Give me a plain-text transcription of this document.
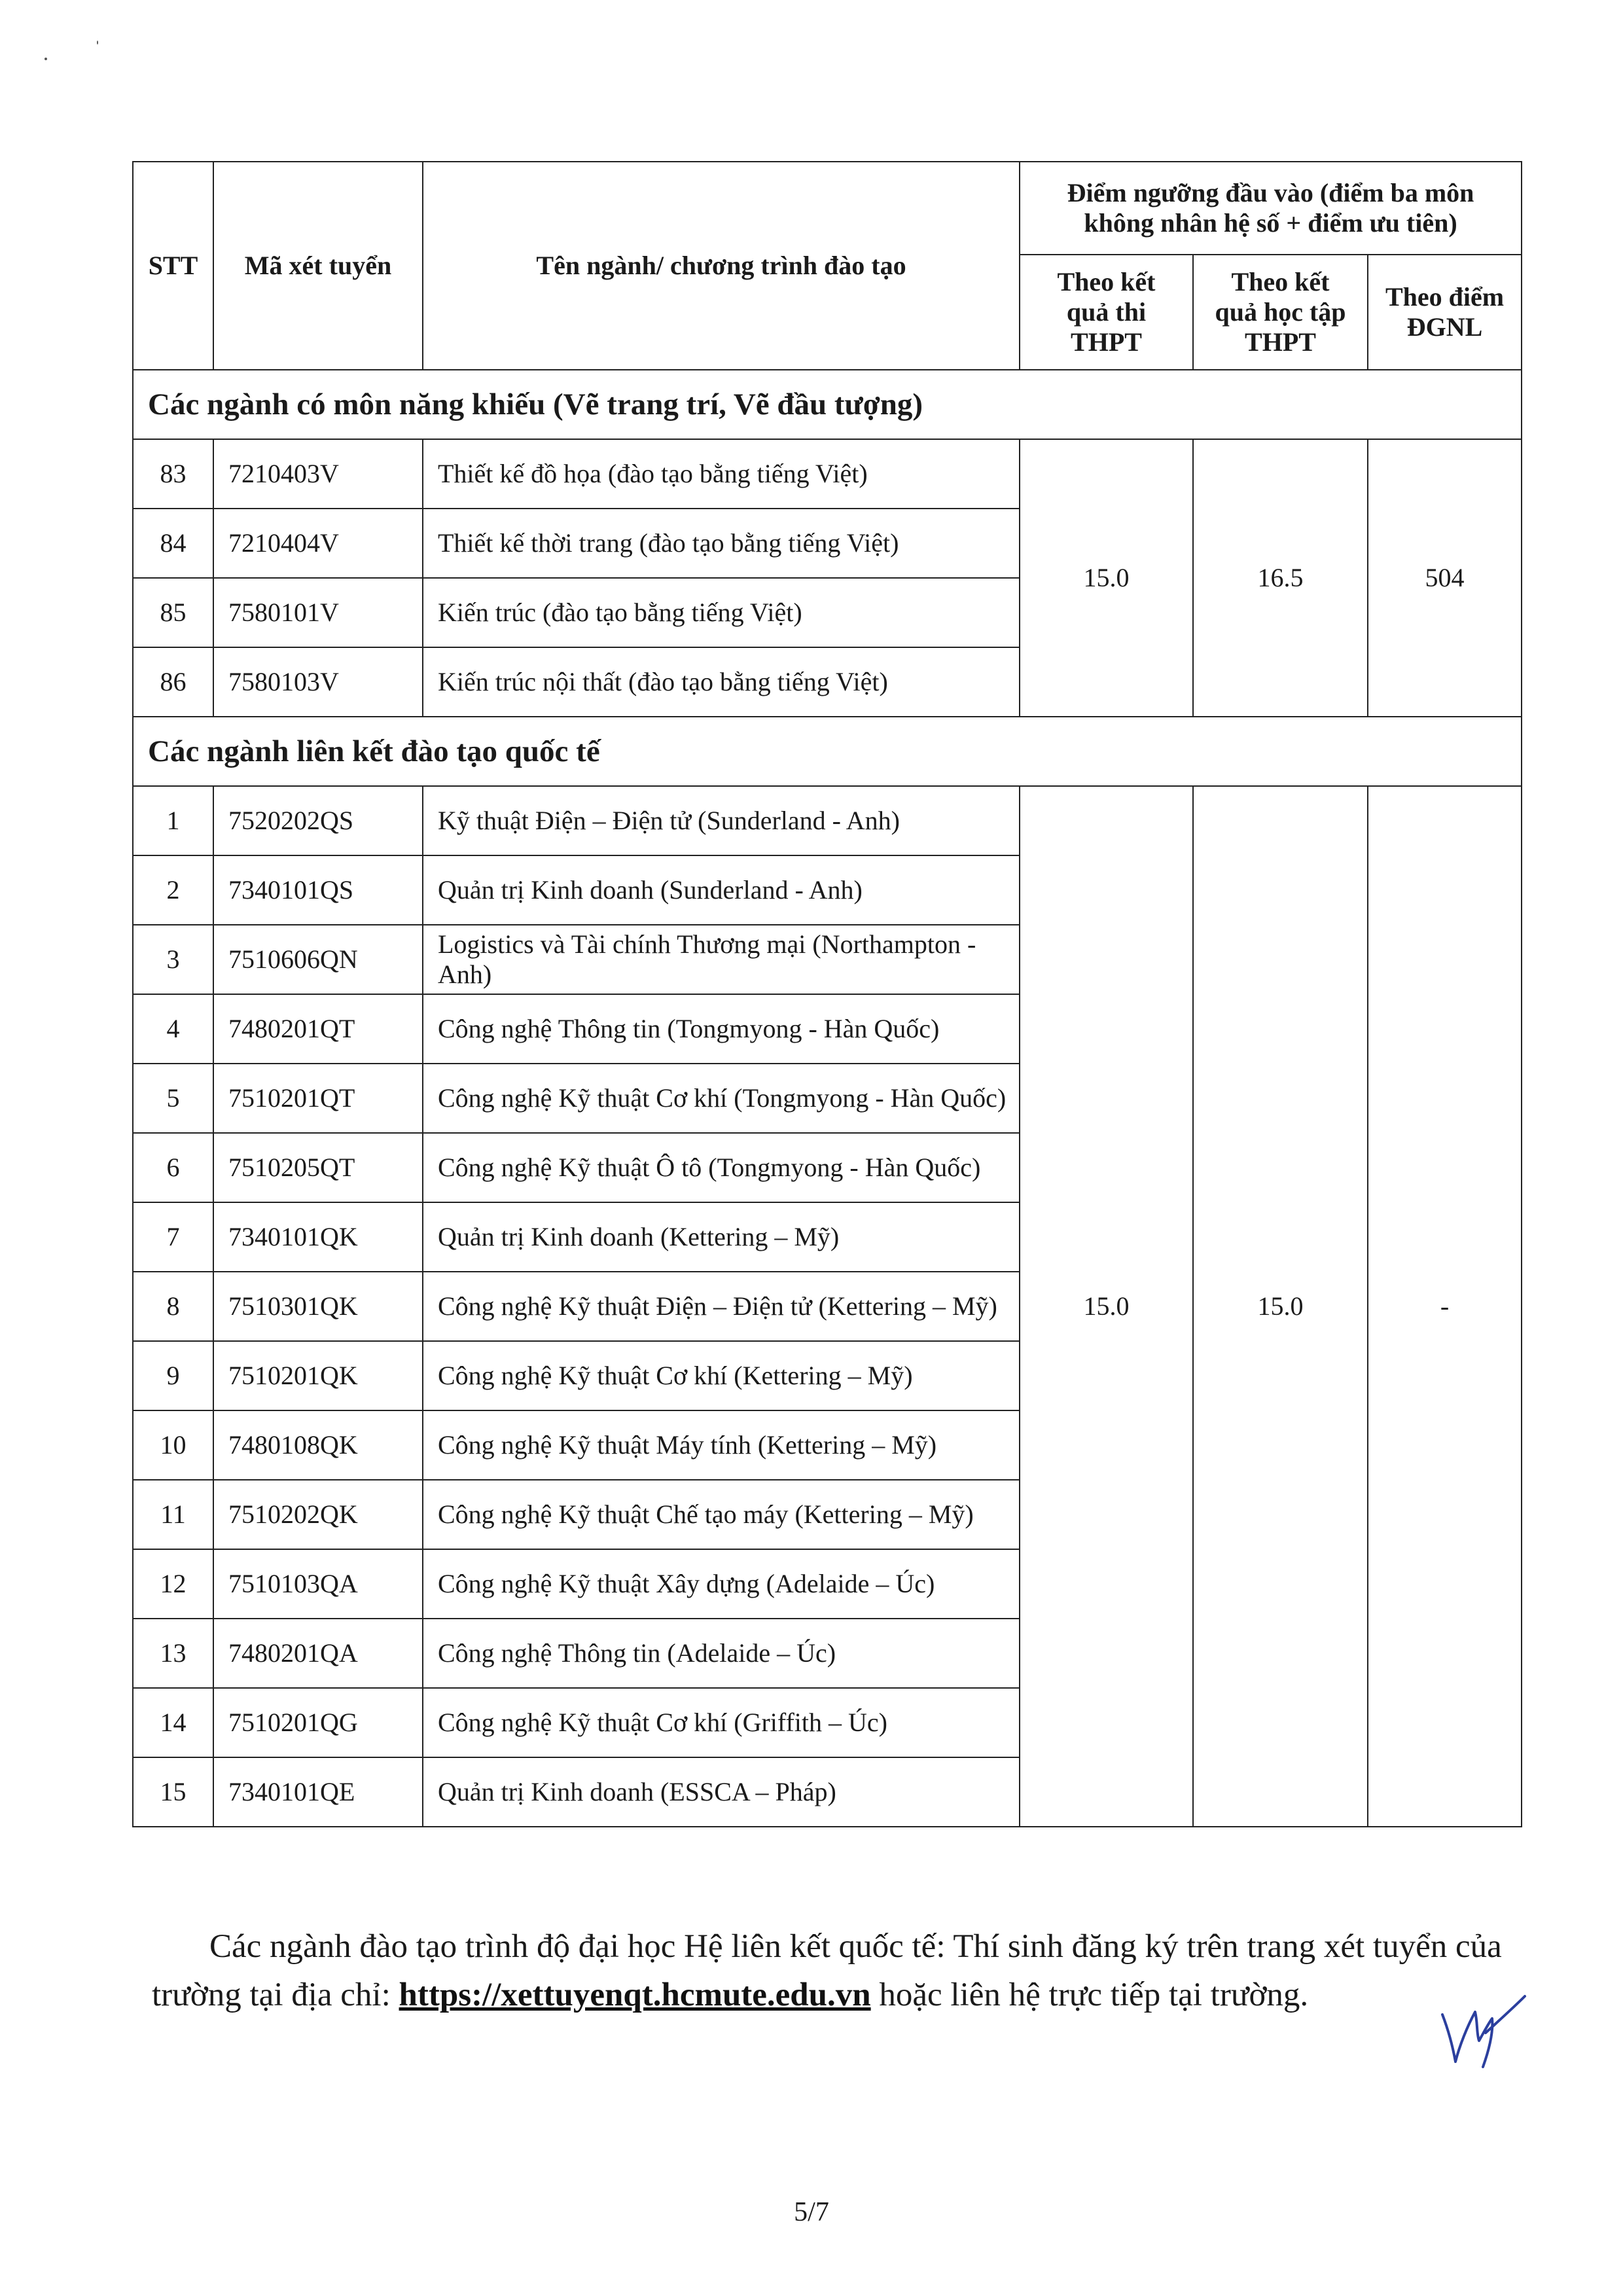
STT	Mã xét tuyển	Tên ngành/ chương trình đào tạo	Điểm ngưỡng đầu vào (điểm ba môn không nhân hệ số + điểm ưu tiên)		
			Theo kết quả thi THPT	Theo kết quả học tập THPT	Theo điểm ĐGNL
Các ngành có môn năng khiếu (Vẽ trang trí, Vẽ đầu tượng)					
83	7210403V	Thiết kế đồ họa (đào tạo bằng tiếng Việt)	15.0	16.5	504
84	7210404V	Thiết kế thời trang (đào tạo bằng tiếng Việt)			
85	7580101V	Kiến trúc (đào tạo bằng tiếng Việt)			
86	7580103V	Kiến trúc nội thất (đào tạo bằng tiếng Việt)			
Các ngành liên kết đào tạo quốc tế					
1	7520202QS	Kỹ thuật Điện – Điện tử (Sunderland - Anh)	15.0	15.0	-
2	7340101QS	Quản trị Kinh doanh (Sunderland - Anh)			
3	7510606QN	Logistics và Tài chính Thương mại (Northampton - Anh)			
4	7480201QT	Công nghệ Thông tin (Tongmyong - Hàn Quốc)			
5	7510201QT	Công nghệ Kỹ thuật Cơ khí (Tongmyong - Hàn Quốc)			
6	7510205QT	Công nghệ Kỹ thuật Ô tô (Tongmyong - Hàn Quốc)			
7	7340101QK	Quản trị Kinh doanh (Kettering – Mỹ)			
8	7510301QK	Công nghệ Kỹ thuật Điện – Điện tử (Kettering – Mỹ)			
9	7510201QK	Công nghệ Kỹ thuật Cơ khí (Kettering – Mỹ)			
10	7480108QK	Công nghệ Kỹ thuật Máy tính (Kettering – Mỹ)			
11	7510202QK	Công nghệ Kỹ thuật Chế tạo máy (Kettering – Mỹ)			
12	7510103QA	Công nghệ Kỹ thuật Xây dựng (Adelaide – Úc)			
13	7480201QA	Công nghệ Thông tin (Adelaide – Úc)			
14	7510201QG	Công nghệ Kỹ thuật Cơ khí (Griffith – Úc)			
15	7340101QE	Quản trị Kinh doanh (ESSCA – Pháp)			

Các ngành đào tạo trình độ đại học Hệ liên kết quốc tế: Thí sinh đăng ký trên trang xét tuyển của trường tại địa chỉ: https://xettuyenqt.hcmute.edu.vn hoặc liên hệ trực tiếp tại trường.

5/7
